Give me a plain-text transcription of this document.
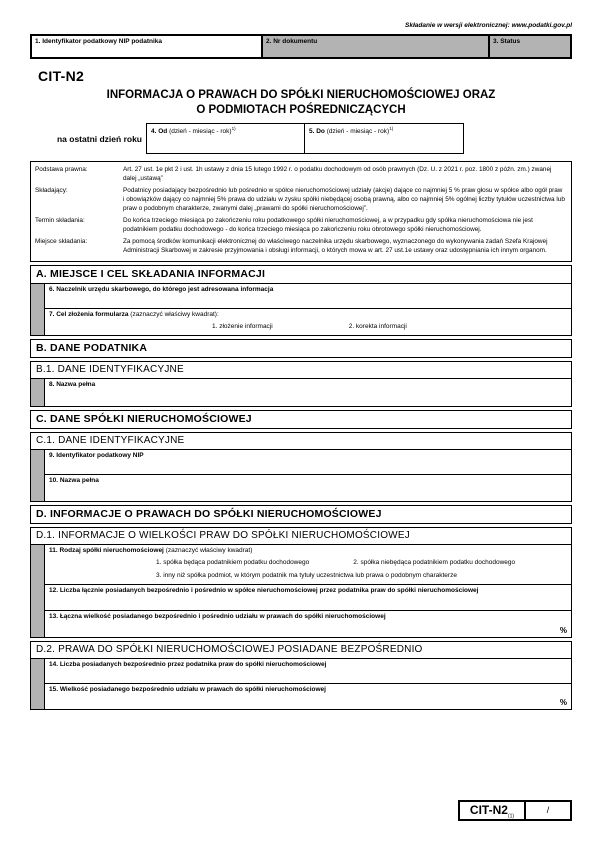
Składanie w wersji elektronicznej: www.podatki.gov.pl
1. Identyfikator podatkowy NIP podatnika	2. Nr dokumentu	3. Status
CIT-N2
INFORMACJA O PRAWACH DO SPÓŁKI NIERUCHOMOŚCIOWEJ ORAZ
O PODMIOTACH POŚREDNICZĄCYCH
na ostatni dzień roku
4. Od (dzień - miesiąc - rok)$^{1)}$	5. Do (dzień - miesiąc - rok)$^{1)}$
Podstawa prawna:	Art. 27 ust. 1e pkt 2 i ust. 1h ustawy z dnia 15 lutego 1992 r. o podatku dochodowym od osób prawnych (Dz. U. z 2021 r. poz. 1800 z późn. zm.) zwanej dalej „ustawą”
Składający:	Podatnicy posiadający bezpośrednio lub pośrednio w spółce nieruchomościowej udziały (akcje) dające co najmniej 5 % praw głosu w spółce albo ogół praw i obowiązków dający co najmniej 5% prawa do udziału w zysku spółki niebędącej osobą prawną, albo co najmniej 5% ogólnej liczby tytułów uczestnictwa lub praw o podobnym charakterze, zwanymi dalej „prawami do spółki nieruchomościowej”.
Termin składania:	Do końca trzeciego miesiąca po zakończeniu roku podatkowego spółki nieruchomościowej, a w przypadku gdy spółka nieruchomościowa nie jest podatnikiem podatku dochodowego - do końca trzeciego miesiąca po zakończeniu roku obrotowego spółki nieruchomościowej.
Miejsce składania:	Za pomocą środków komunikacji elektronicznej do właściwego naczelnika urzędu skarbowego, wyznaczonego do wykonywania zadań Szefa Krajowej Administracji Skarbowej w zakresie przyjmowania i obsługi informacji, o których mowa w art. 27 ust.1e ustawy oraz udostępniania ich innym organom.
A. MIEJSCE I CEL SKŁADANIA INFORMACJI
6. Naczelnik urzędu skarbowego, do którego jest adresowana informacja
7. Cel złożenia formularza (zaznaczyć właściwy kwadrat):
1. złożenie informacji	2. korekta informacji
B. DANE PODATNIKA
B.1. DANE IDENTYFIKACYJNE
8. Nazwa pełna
C. DANE SPÓŁKI NIERUCHOMOŚCIOWEJ
C.1. DANE IDENTYFIKACYJNE
9. Identyfikator podatkowy NIP
10. Nazwa pełna
D. INFORMACJE O PRAWACH DO SPÓŁKI NIERUCHOMOŚCIOWEJ
D.1. INFORMACJE O WIELKOŚCI PRAW DO SPÓŁKI NIERUCHOMOŚCIOWEJ
11. Rodzaj spółki nieruchomościowej (zaznaczyć właściwy kwadrat)
1. spółka będąca podatnikiem podatku dochodowego	2. spółka niebędąca podatnikiem podatku dochodowego
3. inny niż spółka podmiot, w którym podatnik ma tytuły uczestnictwa lub prawa o podobnym charakterze
12. Liczba łącznie posiadanych bezpośrednio i pośrednio w spółce nieruchomościowej przez podatnika praw do spółki nieruchomościowej
13. Łączna wielkość posiadanego bezpośrednio i pośrednio udziału w prawach do spółki nieruchomościowej
%
D.2. PRAWA DO SPÓŁKI NIERUCHOMOŚCIOWEJ POSIADANE BEZPOŚREDNIO
14. Liczba posiadanych bezpośrednio przez podatnika praw do spółki nieruchomościowej
15. Wielkość posiadanego bezpośrednio udziału w prawach do spółki nieruchomościowej
%
CIT-$N2_{(1)}$
/
